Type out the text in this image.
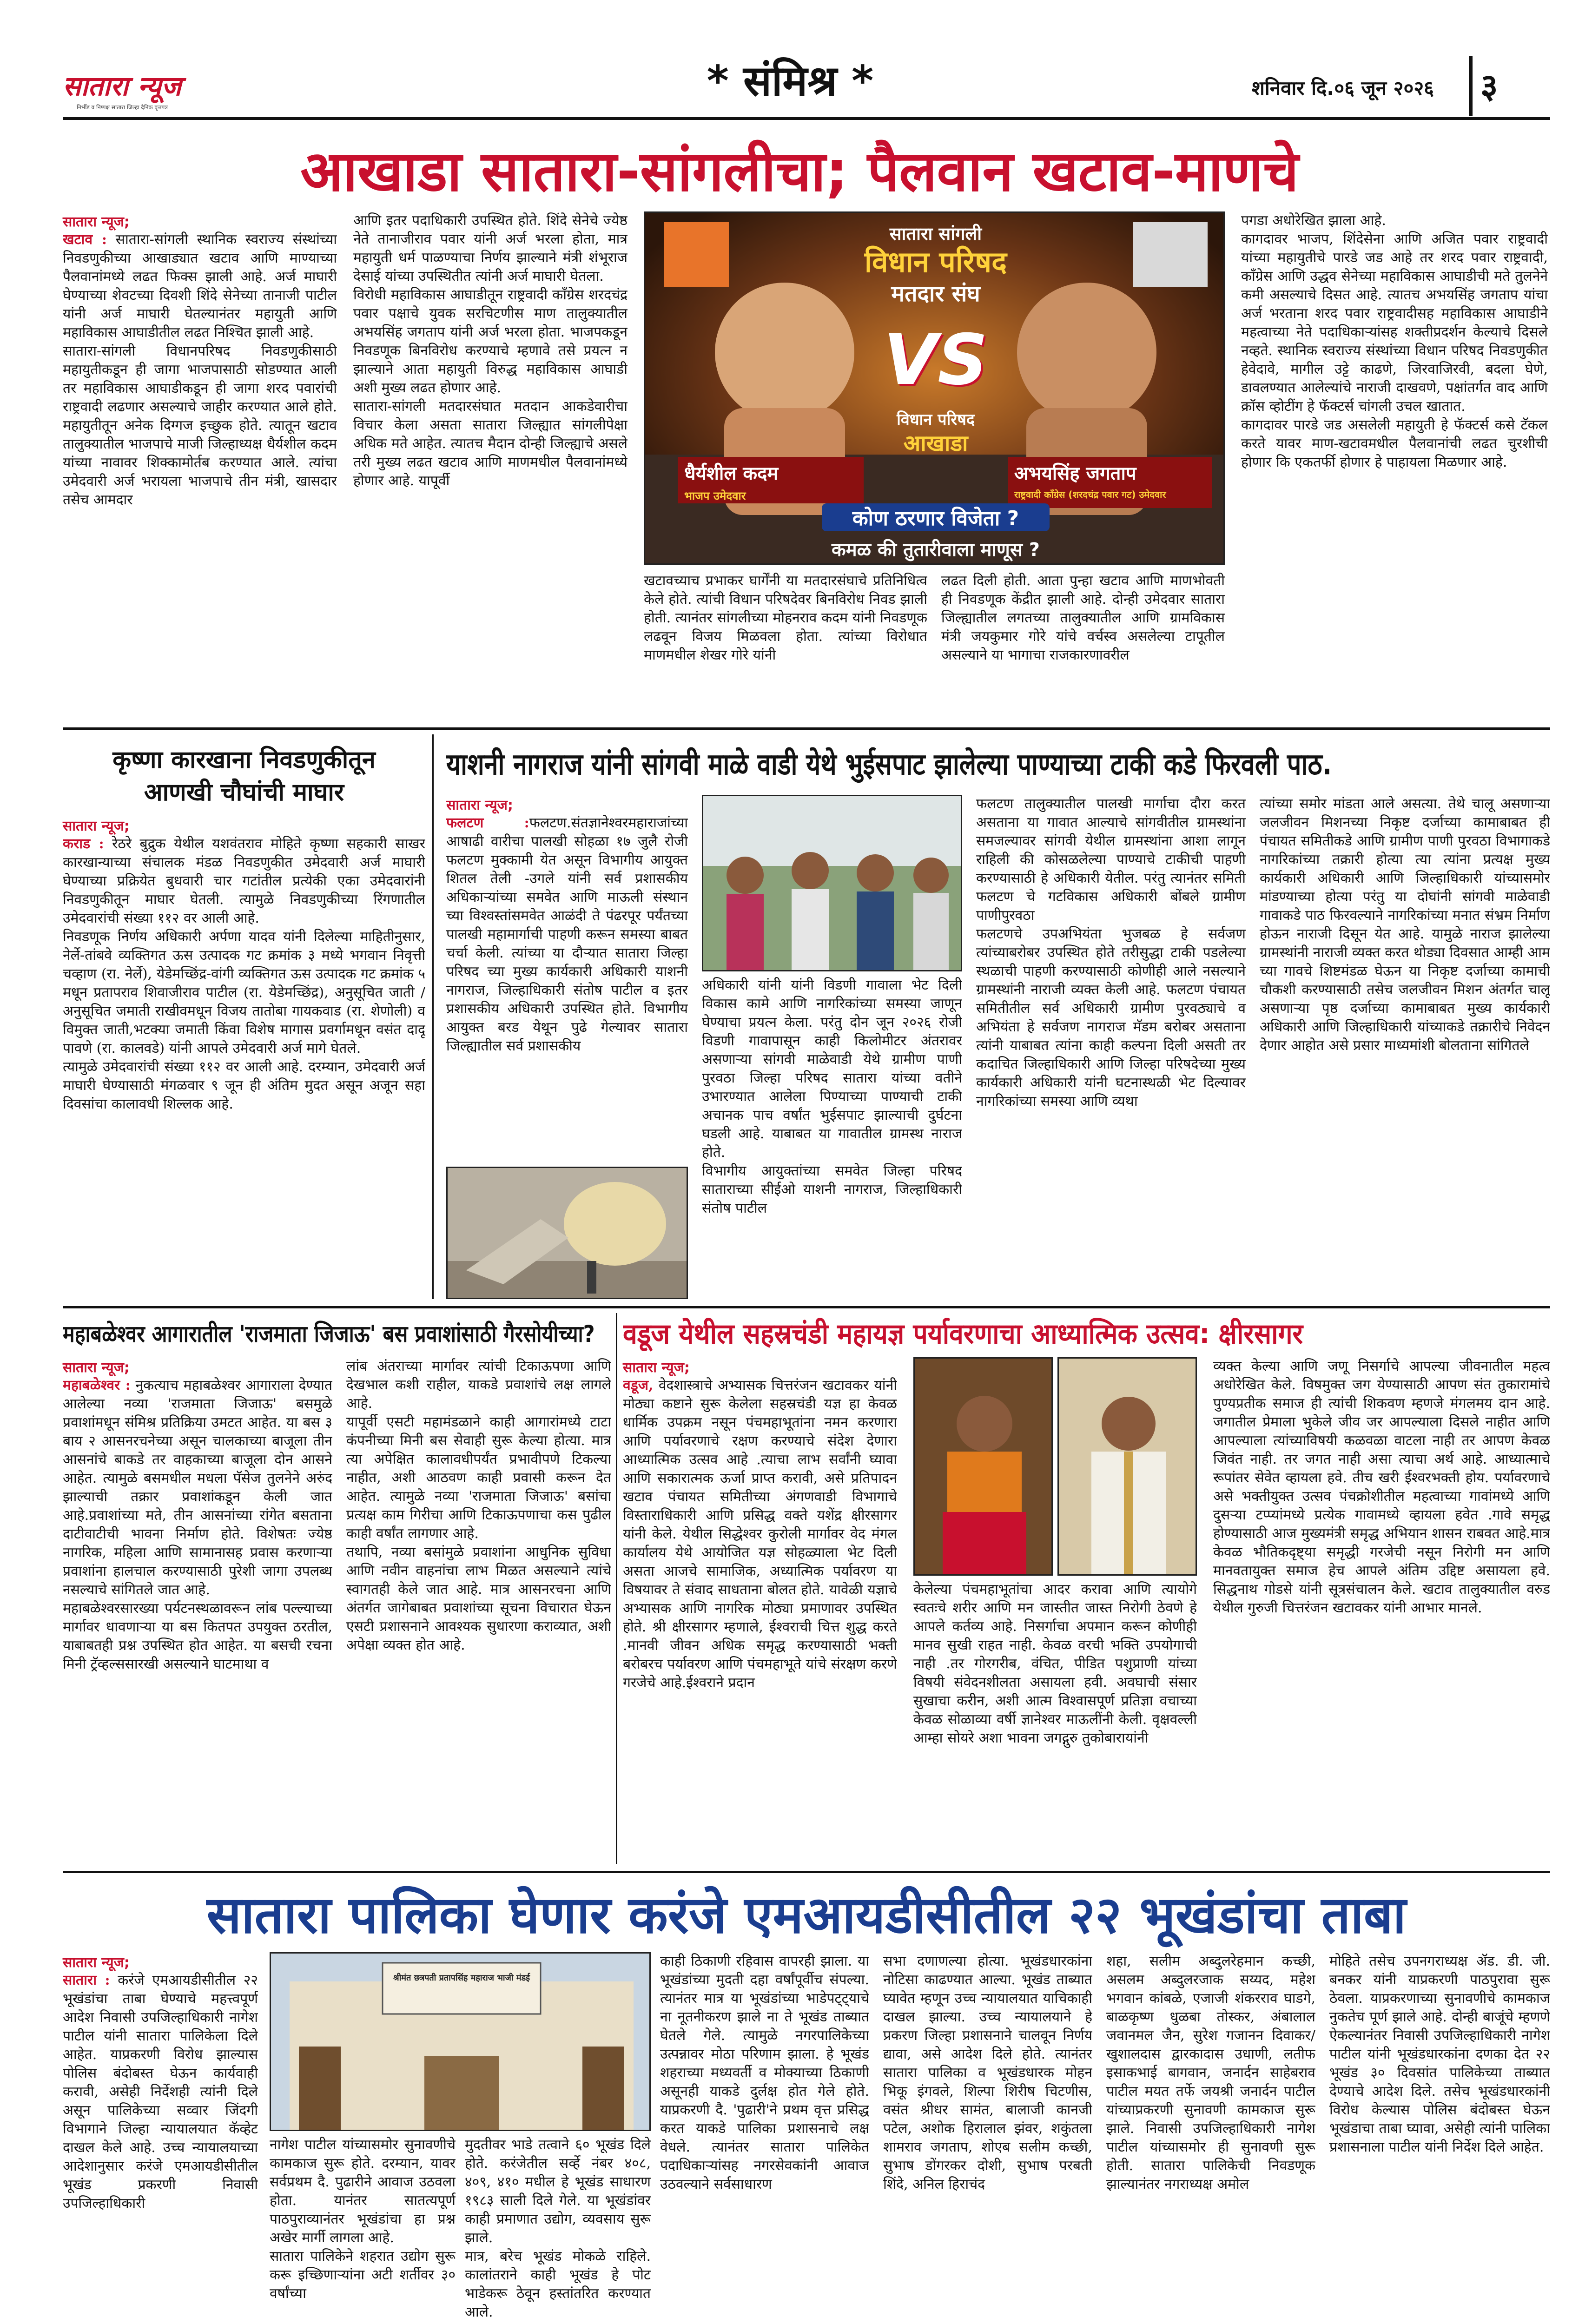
सातारा न्यूज
निर्भीड व निष्पक्ष सातारा जिल्हा दैनिक वृत्तपत्र
* संमिश्र *	शनिवार दि.०६ जून २०२६ ३
आखाडा सातारा-सांगलीचा; पैलवान खटाव-माणचे
सातारा न्यूज;
खटाव : सातारा-सांगली स्थानिक स्वराज्य संस्थांच्या निवडणुकीच्या आखाड्यात खटाव आणि माण्याच्या पैलवानांमध्ये लढत फिक्स झाली आहे. अर्ज माघारी घेण्याच्या शेवटच्या दिवशी शिंदे सेनेच्या तानाजी पाटील यांनी अर्ज माघारी घेतल्यानंतर महायुती आणि महाविकास आघाडीतील लढत निश्चित झाली आहे.
सातारा-सांगली विधानपरिषद निवडणुकीसाठी महायुतीकडून ही जागा भाजपासाठी सोडण्यात आली तर महाविकास आघाडीकडून ही जागा शरद पवारांची राष्ट्रवादी लढणार असल्याचे जाहीर करण्यात आले होते. महायुतीतून अनेक दिग्गज इच्छुक होते. त्यातून खटाव तालुक्यातील भाजपाचे माजी जिल्हाध्यक्ष धैर्यशील कदम यांच्या नावावर शिक्कामोर्तब करण्यात आले. त्यांचा उमेदवारी अर्ज भरायला भाजपाचे तीन मंत्री, खासदार तसेच आमदार
आणि इतर पदाधिकारी उपस्थित होते. शिंदे सेनेचे ज्येष्ठ नेते तानाजीराव पवार यांनी अर्ज भरला होता, मात्र महायुती धर्म पाळण्याचा निर्णय झाल्याने मंत्री शंभूराज देसाई यांच्या उपस्थितीत त्यांनी अर्ज माघारी घेतला.
विरोधी महाविकास आघाडीतून राष्ट्रवादी काँग्रेस शरदचंद्र पवार पक्षाचे युवक सरचिटणीस माण तालुक्यातील अभयसिंह जगताप यांनी अर्ज भरला होता. भाजपकडून निवडणूक बिनविरोध करण्याचे म्हणावे तसे प्रयत्न न झाल्याने आता महायुती विरुद्ध महाविकास आघाडी अशी मुख्य लढत होणार आहे.
सातारा-सांगली मतदारसंघात मतदान आकडेवारीचा विचार केला असता सातारा जिल्ह्यात सांगलीपेक्षा अधिक मते आहेत. त्यातच मैदान दोन्ही जिल्ह्याचे असले तरी मुख्य लढत खटाव आणि माणमधील पैलवानांमध्ये होणार आहे. यापूर्वी
सातारा सांगली
विधान परिषद
मतदार संघ
VS
विधान परिषद
आखाडा
धैर्यशील कदम
भाजप उमेदवार
अभयसिंह जगताप
राष्ट्रवादी काँग्रेस (शरदचंद्र पवार गट) उमेदवार
कोण ठरणार विजेता ?
कमळ की तुतारीवाला माणूस ?
खटावच्याच प्रभाकर घार्गेंनी या मतदारसंघाचे प्रतिनिधित्व केले होते. त्यांची विधान परिषदेवर बिनविरोध निवड झाली होती. त्यानंतर सांगलीच्या मोहनराव कदम यांनी निवडणूक लढवून विजय मिळवला होता. त्यांच्या विरोधात माणमधील शेखर गोरे यांनी
लढत दिली होती. आता पुन्हा खटाव आणि माणभोवती ही निवडणूक केंद्रीत झाली आहे. दोन्ही उमेदवार सातारा जिल्ह्यातील लगतच्या तालुक्यातील आणि ग्रामविकास मंत्री जयकुमार गोरे यांचे वर्चस्व असलेल्या टापूतील असल्याने या भागाचा राजकारणावरील
पगडा अधोरेखित झाला आहे.
कागदावर भाजप, शिंदेसेना आणि अजित पवार राष्ट्रवादी यांच्या महायुतीचे पारडे जड आहे तर शरद पवार राष्ट्रवादी, काँग्रेस आणि उद्धव सेनेच्या महाविकास आघाडीची मते तुलनेने कमी असल्याचे दिसत आहे. त्यातच अभयसिंह जगताप यांचा अर्ज भरताना शरद पवार राष्ट्रवादीसह महाविकास आघाडीने महत्वाच्या नेते पदाधिकाऱ्यांसह शक्तीप्रदर्शन केल्याचे दिसले नव्हते. स्थानिक स्वराज्य संस्थांच्या विधान परिषद निवडणुकीत हेवेदावे, मागील उट्टे काढणे, जिरवाजिरवी, बदला घेणे, डावलण्यात आलेल्यांचे नाराजी दाखवणे, पक्षांतर्गत वाद आणि क्रॉस व्होटींग हे फॅक्टर्स चांगली उचल खातात.
कागदावर पारडे जड असलेली महायुती हे फॅक्टर्स कसे टॅकल करते यावर माण-खटावमधील पैलवानांची लढत चुरशीची होणार कि एकतर्फी होणार हे पाहायला मिळणार आहे.
कृष्णा कारखाना निवडणुकीतून
आणखी चौघांची माघार
सातारा न्यूज;
कराड : रेठरे बुद्रुक येथील यशवंतराव मोहिते कृष्णा सहकारी साखर कारखान्याच्या संचालक मंडळ निवडणुकीत उमेदवारी अर्ज माघारी घेण्याच्या प्रक्रियेत बुधवारी चार गटांतील प्रत्येकी एका उमेदवारांनी निवडणुकीतून माघार घेतली. त्यामुळे निवडणुकीच्या रिंगणातील उमेदवारांची संख्या ११२ वर आली आहे.
निवडणूक निर्णय अधिकारी अर्पणा यादव यांनी दिलेल्या माहितीनुसार, नेर्ले-तांबवे व्यक्तिगत ऊस उत्पादक गट क्रमांक ३ मध्ये भगवान निवृत्ती चव्हाण (रा. नेर्ले), येडेमच्छिंद्र-वांगी व्यक्तिगत ऊस उत्पादक गट क्रमांक ५ मधून प्रतापराव शिवाजीराव पाटील (रा. येडेमच्छिंद्र), अनुसूचित जाती / अनुसूचित जमाती राखीवमधून विजय तातोबा गायकवाड (रा. शेणोली) व विमुक्त जाती,भटक्या जमाती किंवा विशेष मागास प्रवर्गामधून वसंत दादू पावणे (रा. कालवडे) यांनी आपले उमेदवारी अर्ज मागे घेतले.
त्यामुळे उमेदवारांची संख्या ११२ वर आली आहे. दरम्यान, उमेदवारी अर्ज माघारी घेण्यासाठी मंगळवार ९ जून ही अंतिम मुदत असून अजून सहा दिवसांचा कालावधी शिल्लक आहे.
याशनी नागराज यांनी सांगवी माळे वाडी येथे भुईसपाट झालेल्या पाण्याच्या टाकी कडे फिरवली पाठ.
सातारा न्यूज;
फलटण :फलटण.संतज्ञानेश्वरमहाराजांच्या आषाढी वारीचा पालखी सोहळा १७ जुलै रोजी फलटण मुक्कामी येत असून विभागीय आयुक्त शितल तेली -उगले यांनी सर्व प्रशासकीय अधिकाऱ्यांच्या समवेत आणि माऊली संस्थान च्या विश्वस्तांसमवेत आळंदी ते पंढरपूर पर्यंतच्या पालखी महामार्गाची पाहणी करून समस्या बाबत चर्चा केली. त्यांच्या या दौऱ्यात सातारा जिल्हा परिषद च्या मुख्य कार्यकारी अधिकारी याशनी नागराज, जिल्हाधिकारी संतोष पाटील व इतर प्रशासकीय अधिकारी उपस्थित होते. विभागीय आयुक्त बरड येथून पुढे गेल्यावर सातारा जिल्ह्यातील सर्व प्रशासकीय
अधिकारी यांनी यांनी विडणी गावाला भेट दिली विकास कामे आणि नागरिकांच्या समस्या जाणून घेण्याचा प्रयत्न केला. परंतु दोन जून २०२६ रोजी विडणी गावापासून काही किलोमीटर अंतरावर असणाऱ्या सांगवी माळेवाडी येथे ग्रामीण पाणी पुरवठा जिल्हा परिषद सातारा यांच्या वतीने उभारण्यात आलेला पिण्याच्या पाण्याची टाकी अचानक पाच वर्षांत भुईसपाट झाल्याची दुर्घटना घडली आहे. याबाबत या गावातील ग्रामस्थ नाराज होते.
विभागीय आयुक्तांच्या समवेत जिल्हा परिषद साताराच्या सीईओ याशनी नागराज, जिल्हाधिकारी संतोष पाटील
फलटण तालुक्यातील पालखी मार्गाचा दौरा करत असताना या गावात आल्याचे सांगवीतील ग्रामस्थांना समजल्यावर सांगवी येथील ग्रामस्थांना आशा लागून राहिली की कोसळलेल्या पाण्याचे टाकीची पाहणी करण्यासाठी हे अधिकारी येतील. परंतु त्यानंतर समिती फलटण चे गटविकास अधिकारी बोंबले ग्रामीण पाणीपुरवठा
फलटणचे उपअभियंता भुजबळ हे सर्वजण त्यांच्याबरोबर उपस्थित होते तरीसुद्धा टाकी पडलेल्या स्थळाची पाहणी करण्यासाठी कोणीही आले नसल्याने ग्रामस्थांनी नाराजी व्यक्त केली आहे. फलटण पंचायत समितीतील सर्व अधिकारी ग्रामीण पुरवठ्याचे व अभियंता हे सर्वजण नागराज मॅडम बरोबर असताना त्यांनी याबाबत त्यांना काही कल्पना दिली असती तर कदाचित जिल्हाधिकारी आणि जिल्हा परिषदेच्या मुख्य कार्यकारी अधिकारी यांनी घटनास्थळी भेट दिल्यावर नागरिकांच्या समस्या आणि व्यथा
त्यांच्या समोर मांडता आले असत्या. तेथे चालू असणाऱ्या जलजीवन मिशनच्या निकृष्ट दर्जाच्या कामाबाबत ही पंचायत समितीकडे आणि ग्रामीण पाणी पुरवठा विभागाकडे नागरिकांच्या तक्रारी होत्या त्या त्यांना प्रत्यक्ष मुख्य कार्यकारी अधिकारी आणि जिल्हाधिकारी यांच्यासमोर मांडण्याच्या होत्या परंतु या दोघांनी सांगवी माळेवाडी गावाकडे पाठ फिरवल्याने नागरिकांच्या मनात संभ्रम निर्माण होऊन नाराजी दिसून येत आहे. यामुळे नाराज झालेल्या ग्रामस्थांनी नाराजी व्यक्त करत थोड्या दिवसात आम्ही आम च्या गावचे शिष्टमंडळ घेऊन या निकृष्ट दर्जाच्या कामाची चौकशी करण्यासाठी तसेच जलजीवन मिशन अंतर्गत चालू असणाऱ्या पृष्ठ दर्जाच्या कामाबाबत मुख्य कार्यकारी अधिकारी आणि जिल्हाधिकारी यांच्याकडे तक्रारीचे निवेदन देणार आहोत असे प्रसार माध्यमांशी बोलताना सांगितले
महाबळेश्वर आगारातील 'राजमाता जिजाऊ' बस प्रवाशांसाठी गैरसोयीच्या?
सातारा न्यूज;
महाबळेश्वर : नुकत्याच महाबळेश्वर आगाराला देण्यात आलेल्या नव्या 'राजमाता जिजाऊ' बसमुळे प्रवाशांमधून संमिश्र प्रतिक्रिया उमटत आहेत. या बस ३ बाय २ आसनरचनेच्या असून चालकाच्या बाजूला तीन आसनांचे बाकडे तर वाहकाच्या बाजूला दोन आसने आहेत. त्यामुळे बसमधील मधला पॅसेज तुलनेने अरुंद झाल्याची तक्रार प्रवाशांकडून केली जात आहे.प्रवाशांच्या मते, तीन आसनांच्या रांगेत बसताना दाटीवाटीची भावना निर्माण होते. विशेषतः ज्येष्ठ नागरिक, महिला आणि सामानासह प्रवास करणाऱ्या प्रवाशांना हालचाल करण्यासाठी पुरेशी जागा उपलब्ध नसल्याचे सांगितले जात आहे.
महाबळेश्वरसारख्या पर्यटनस्थळावरून लांब पल्ल्याच्या मार्गावर धावणाऱ्या या बस कितपत उपयुक्त ठरतील, याबाबतही प्रश्न उपस्थित होत आहेत. या बसची रचना मिनी ट्रॅव्हल्ससारखी असल्याने घाटमाथा व
लांब अंतराच्या मार्गावर त्यांची टिकाऊपणा आणि देखभाल कशी राहील, याकडे प्रवाशांचे लक्ष लागले आहे.
यापूर्वी एसटी महामंडळाने काही आगारांमध्ये टाटा कंपनीच्या मिनी बस सेवाही सुरू केल्या होत्या. मात्र त्या अपेक्षित कालावधीपर्यंत प्रभावीपणे टिकल्या नाहीत, अशी आठवण काही प्रवासी करून देत आहेत. त्यामुळे नव्या 'राजमाता जिजाऊ' बसांचा प्रत्यक्ष काम गिरीचा आणि टिकाऊपणाचा कस पुढील काही वर्षांत लागणार आहे.
तथापि, नव्या बसांमुळे प्रवाशांना आधुनिक सुविधा आणि नवीन वाहनांचा लाभ मिळत असल्याने त्यांचे स्वागतही केले जात आहे. मात्र आसनरचना आणि अंतर्गत जागेबाबत प्रवाशांच्या सूचना विचारात घेऊन एसटी प्रशासनाने आवश्यक सुधारणा कराव्यात, अशी अपेक्षा व्यक्त होत आहे.
वडूज येथील सहस्रचंडी महायज्ञ पर्यावरणाचा आध्यात्मिक उत्सव: क्षीरसागर
सातारा न्यूज;
वडूज, वेदशास्त्राचे अभ्यासक चित्तरंजन खटावकर यांनी मोठ्या कष्टाने सुरू केलेला सहस्रचंडी यज्ञ हा केवळ धार्मिक उपक्रम नसून पंचमहाभूतांना नमन करणारा आणि पर्यावरणाचे रक्षण करण्याचे संदेश देणारा आध्यात्मिक उत्सव आहे .त्याचा लाभ सर्वांनी घ्यावा आणि सकारात्मक ऊर्जा प्राप्त करावी, असे प्रतिपादन खटाव पंचायत समितीच्या अंगणवाडी विभागाचे विस्ताराधिकारी आणि प्रसिद्ध वक्ते यशेंद्र क्षीरसागर यांनी केले. येथील सिद्धेश्वर कुरोली मार्गावर वेद मंगल कार्यालय येथे आयोजित यज्ञ सोहळ्याला भेट दिली असता आजचे सामाजिक, अध्यात्मिक पर्यावरण या विषयावर ते संवाद साधताना बोलत होते. यावेळी यज्ञाचे अभ्यासक आणि नागरिक मोठ्या प्रमाणावर उपस्थित होते. श्री क्षीरसागर म्हणाले, ईश्वराची चित्त शुद्ध करते .मानवी जीवन अधिक समृद्ध करण्यासाठी भक्ती बरोबरच पर्यावरण आणि पंचमहाभूते यांचे संरक्षण करणे गरजेचे आहे.ईश्वराने प्रदान
केलेल्या पंचमहाभूतांचा आदर करावा आणि त्यायोगे स्वतःचे शरीर आणि मन जास्तीत जास्त निरोगी ठेवणे हे आपले कर्तव्य आहे. निसर्गाचा अपमान करून कोणीही मानव सुखी राहत नाही. केवळ वरची भक्ति उपयोगाची नाही .तर गोरगरीब, वंचित, पीडित पशुप्राणी यांच्या विषयी संवेदनशीलता असायला हवी. अवघाची संसार सुखाचा करीन, अशी आत्म विश्वासपूर्ण प्रतिज्ञा वचाच्या केवळ सोळाव्या वर्षी ज्ञानेश्वर माऊलींनी केली. वृक्षवल्ली आम्हा सोयरे अशा भावना जगद्गुरु तुकोबारायांनी
व्यक्त केल्या आणि जणू निसर्गाचे आपल्या जीवनातील महत्व अधोरेखित केले. विषमुक्त जग येण्यासाठी आपण संत तुकारामांचे पुण्यप्रतीक समाज ही त्यांची शिकवण म्हणजे मंगलमय दान आहे. जगातील प्रेमाला भुकेले जीव जर आपल्याला दिसले नाहीत आणि आपल्याला त्यांच्याविषयी कळवळा वाटला नाही तर आपण केवळ जिवंत नाही. तर जगत नाही असा त्याचा अर्थ आहे. आध्यात्माचे रूपांतर सेवेत व्हायला हवे. तीच खरी ईश्वरभक्ती होय. पर्यावरणाचे असे भक्तीयुक्त उत्सव पंचक्रोशीतील महत्वाच्या गावांमध्ये आणि दुसऱ्या टप्प्यांमध्ये प्रत्येक गावामध्ये व्हायला हवेत .गावे समृद्ध होण्यासाठी आज मुख्यमंत्री समृद्ध अभियान शासन राबवत आहे.मात्र केवळ भौतिकदृष्ट्या समृद्धी गरजेची नसून निरोगी मन आणि मानवतायुक्त समाज हेच आपले अंतिम उद्दिष्ट असायला हवे. सिद्धनाथ गोडसे यांनी सूत्रसंचालन केले. खटाव तालुक्यातील वरुड येथील गुरुजी चित्तरंजन खटावकर यांनी आभार मानले.
सातारा पालिका घेणार करंजे एमआयडीसीतील २२ भूखंडांचा ताबा
सातारा न्यूज;
सातारा : करंजे एमआयडीसीतील २२ भूखंडांचा ताबा घेण्याचे महत्त्वपूर्ण आदेश निवासी उपजिल्हाधिकारी नागेश पाटील यांनी सातारा पालिकेला दिले आहेत. याप्रकरणी विरोध झाल्यास पोलिस बंदोबस्त घेऊन कार्यवाही करावी, असेही निर्देशही त्यांनी दिले असून पालिकेच्या सव्वार जिंदगी विभागाने जिल्हा न्यायालयात कॅव्हेट दाखल केले आहे. उच्च न्यायालयाच्या आदेशानुसार करंजे एमआयडीसीतील भूखंड प्रकरणी निवासी उपजिल्हाधिकारी
श्रीमंत छत्रपती प्रतापसिंह महाराज भाजी मंडई
नागेश पाटील यांच्यासमोर सुनावणीचे कामकाज सुरू होते. दरम्यान, यावर सर्वप्रथम दै. पुढारीने आवाज उठवला होता. यानंतर सातत्यपूर्ण पाठपुराव्यानंतर भूखंडांचा हा प्रश्न अखेर मार्गी लागला आहे.
सातारा पालिकेने शहरात उद्योग सुरू करू इच्छिणाऱ्यांना अटी शर्तीवर ३० वर्षांच्या
मुदतीवर भाडे तत्वाने ६० भूखंड दिले होते. करंजेतील सर्व्हे नंबर ४०८, ४०९, ४१० मधील हे भूखंड साधारण १९८३ साली दिले गेले. या भूखंडांवर काही प्रमाणात उद्योग, व्यवसाय सुरू झाले.
मात्र, बरेच भूखंड मोकळे राहिले. कालांतराने काही भूखंड हे पोट भाडेकरू ठेवून हस्तांतरित करण्यात आले.
काही ठिकाणी रहिवास वापरही झाला. या भूखंडांच्या मुदती दहा वर्षांपूर्वीच संपल्या. त्यानंतर मात्र या भूखंडांच्या भाडेपट्ट्याचे ना नूतनीकरण झाले ना ते भूखंड ताब्यात घेतले गेले. त्यामुळे नगरपालिकेच्या उत्पन्नावर मोठा परिणाम झाला. हे भूखंड शहराच्या मध्यवर्ती व मोक्याच्या ठिकाणी असूनही याकडे दुर्लक्ष होत गेले होते. याप्रकरणी दै. 'पुढारी'ने प्रथम वृत्त प्रसिद्ध करत याकडे पालिका प्रशासनाचे लक्ष वेधले. त्यानंतर सातारा पालिकेत पदाधिकाऱ्यांसह नगरसेवकांनी आवाज उठवल्याने सर्वसाधारण
सभा दणाणल्या होत्या. भूखंडधारकांना नोटिसा काढण्यात आल्या. भूखंड ताब्यात घ्यावेत म्हणून उच्च न्यायालयात याचिकाही दाखल झाल्या. उच्च न्यायालयाने हे प्रकरण जिल्हा प्रशासनाने चालवून निर्णय द्यावा, असे आदेश दिले होते. त्यानंतर सातारा पालिका व भूखंडधारक मोहन भिकू इंगवले, शिल्पा शिरीष चिटणीस, वसंत श्रीधर सामंत, बालाजी कानजी पटेल, अशोक हिरालाल झंवर, शकुंतला शामराव जगताप, शोएब सलीम कच्छी, सुभाष डोंगरकर दोशी, सुभाष परबती शिंदे, अनिल हिराचंद
शहा, सलीम अब्दुलरेहमान कच्छी, असलम अब्दुलरजाक सय्यद, महेश भगवान कांबळे, एजाजी शंकरराव घाडगे, बाळकृष्ण धुळबा तोस्कर, अंबालाल जवानमल जैन, सुरेश गजानन दिवाकर/खुशालदास द्वारकादास उधाणी, लतीफ इसाकभाई बागवान, जनार्दन साहेबराव पाटील मयत तर्फे जयश्री जनार्दन पाटील यांच्याप्रकरणी सुनावणी कामकाज सुरू झाले. निवासी उपजिल्हाधिकारी नागेश पाटील यांच्यासमोर ही सुनावणी सुरू होती. सातारा पालिकेची निवडणूक झाल्यानंतर नगराध्यक्ष अमोल
मोहिते तसेच उपनगराध्यक्ष ॲड. डी. जी. बनकर यांनी याप्रकरणी पाठपुरावा सुरू ठेवला. याप्रकरणाच्या सुनावणीचे कामकाज नुकतेच पूर्ण झाले आहे. दोन्ही बाजूंचे म्हणणे ऐकल्यानंतर निवासी उपजिल्हाधिकारी नागेश पाटील यांनी भूखंडधारकांना दणका देत २२ भूखंड ३० दिवसांत पालिकेच्या ताब्यात देण्याचे आदेश दिले. तसेच भूखंडधारकांनी विरोध केल्यास पोलिस बंदोबस्त घेऊन भूखंडाचा ताबा घ्यावा, असेही त्यांनी पालिका प्रशासनाला पाटील यांनी निर्देश दिले आहेत.
